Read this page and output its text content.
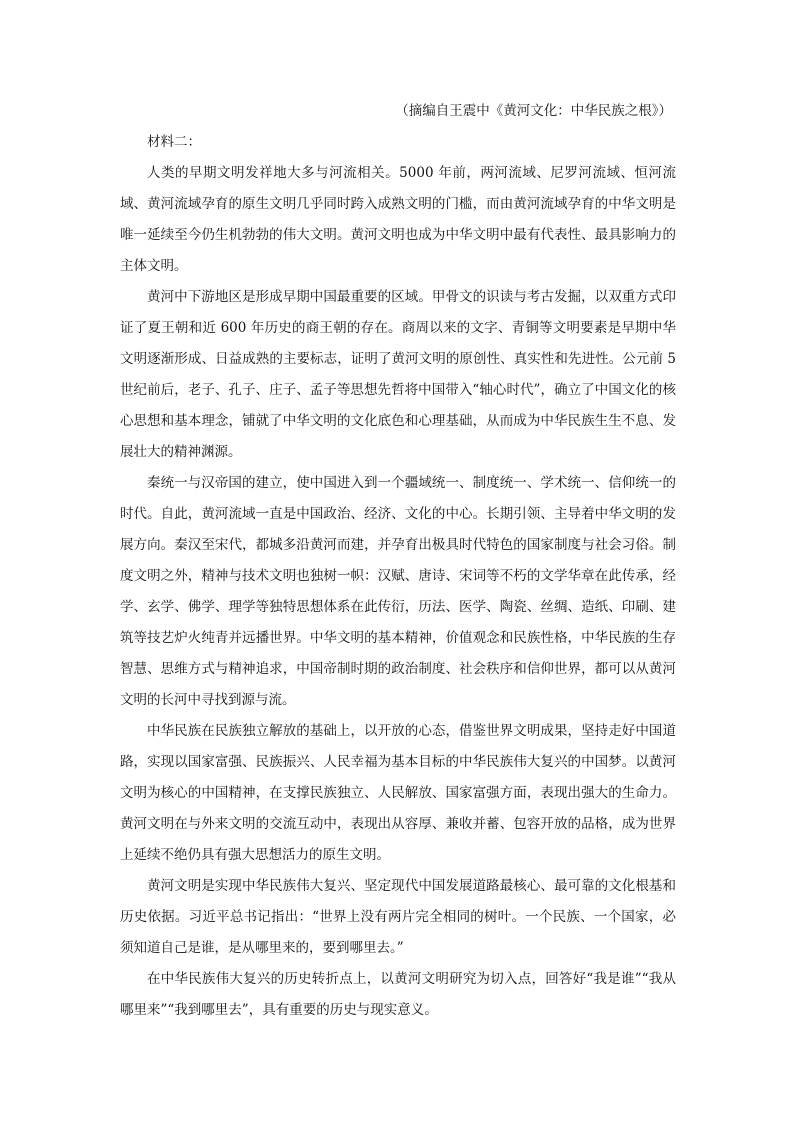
（摘编自王震中《黄河文化：中华民族之根》）

材料二：

人类的早期文明发祥地大多与河流相关。5000 年前，两河流域、尼罗河流域、恒河流域、黄河流域孕育的原生文明几乎同时跨入成熟文明的门槛，而由黄河流域孕育的中华文明是唯一延续至今仍生机勃勃的伟大文明。黄河文明也成为中华文明中最有代表性、最具影响力的主体文明。

黄河中下游地区是形成早期中国最重要的区域。甲骨文的识读与考古发掘，以双重方式印证了夏王朝和近 600 年历史的商王朝的存在。商周以来的文字、青铜等文明要素是早期中华文明逐渐形成、日益成熟的主要标志，证明了黄河文明的原创性、真实性和先进性。公元前 5 世纪前后，老子、孔子、庄子、孟子等思想先哲将中国带入“轴心时代”，确立了中国文化的核心思想和基本理念，铺就了中华文明的文化底色和心理基础，从而成为中华民族生生不息、发展壮大的精神渊源。

秦统一与汉帝国的建立，使中国进入到一个疆域统一、制度统一、学术统一、信仰统一的时代。自此，黄河流域一直是中国政治、经济、文化的中心。长期引领、主导着中华文明的发展方向。秦汉至宋代，都城多沿黄河而建，并孕育出极具时代特色的国家制度与社会习俗。制度文明之外，精神与技术文明也独树一帜：汉赋、唐诗、宋词等不朽的文学华章在此传承，经学、玄学、佛学、理学等独特思想体系在此传衍，历法、医学、陶瓷、丝绸、造纸、印刷、建筑等技艺炉火纯青并远播世界。中华文明的基本精神，价值观念和民族性格，中华民族的生存智慧、思维方式与精神追求，中国帝制时期的政治制度、社会秩序和信仰世界，都可以从黄河文明的长河中寻找到源与流。

中华民族在民族独立解放的基础上，以开放的心态，借鉴世界文明成果，坚持走好中国道路，实现以国家富强、民族振兴、人民幸福为基本目标的中华民族伟大复兴的中国梦。以黄河文明为核心的中国精神，在支撑民族独立、人民解放、国家富强方面，表现出强大的生命力。黄河文明在与外来文明的交流互动中，表现出从容厚、兼收并蓄、包容开放的品格，成为世界上延续不绝仍具有强大思想活力的原生文明。

黄河文明是实现中华民族伟大复兴、坚定现代中国发展道路最核心、最可靠的文化根基和历史依据。习近平总书记指出：“世界上没有两片完全相同的树叶。一个民族、一个国家，必须知道自己是谁，是从哪里来的，要到哪里去。”

在中华民族伟大复兴的历史转折点上，以黄河文明研究为切入点，回答好“我是谁”“我从哪里来”“我到哪里去”，具有重要的历史与现实意义。
